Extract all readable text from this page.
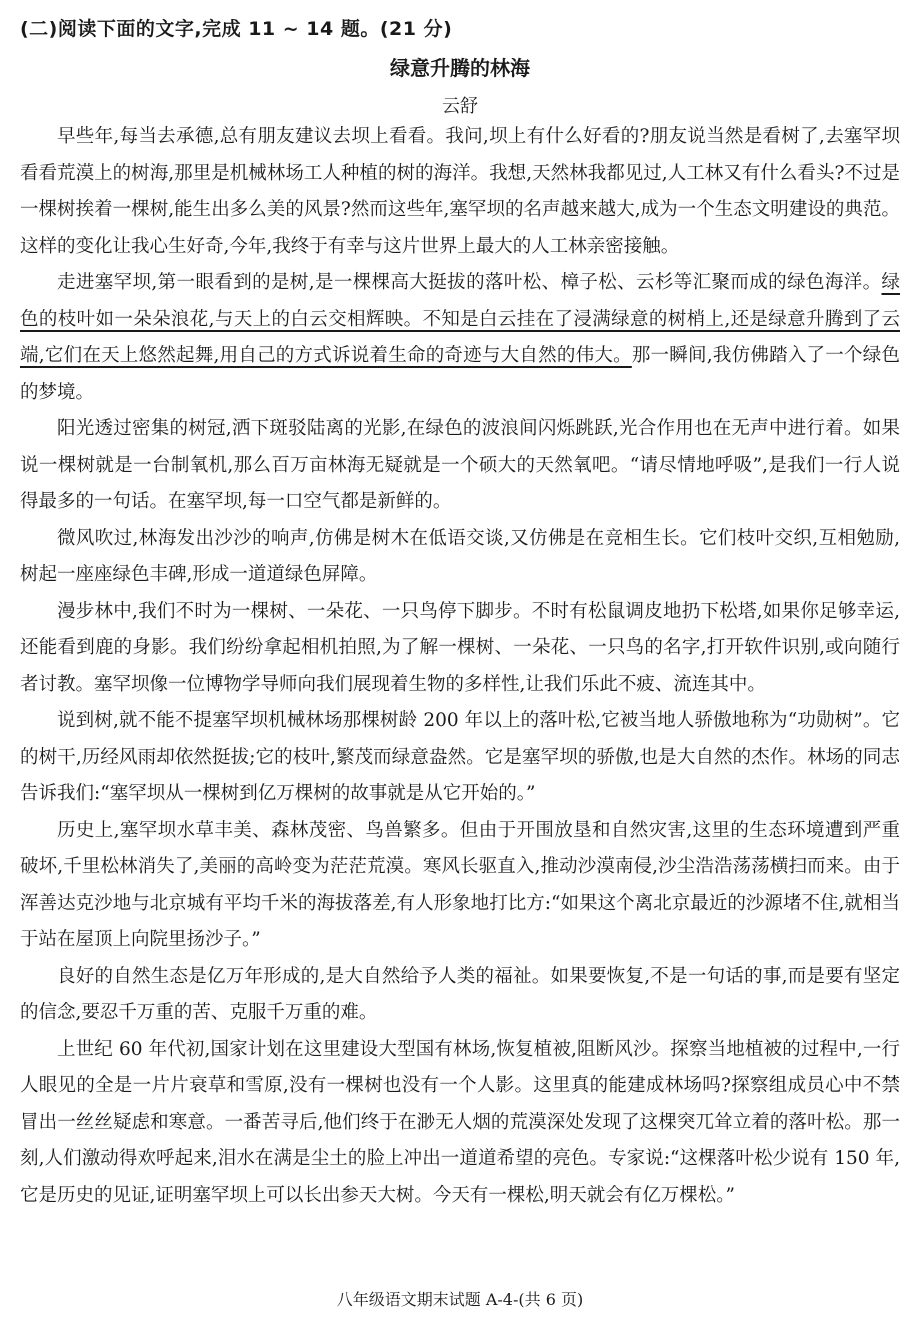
(二)阅读下面的文字,完成 11 ~ 14 题。(21 分)
绿意升腾的林海
云舒

早些年,每当去承德,总有朋友建议去坝上看看。我问,坝上有什么好看的?朋友说当然是看树了,去塞罕坝看看荒漠上的树海,那里是机械林场工人种植的树的海洋。我想,天然林我都见过,人工林又有什么看头?不过是一棵树挨着一棵树,能生出多么美的风景?然而这些年,塞罕坝的名声越来越大,成为一个生态文明建设的典范。这样的变化让我心生好奇,今年,我终于有幸与这片世界上最大的人工林亲密接触。

走进塞罕坝,第一眼看到的是树,是一棵棵高大挺拔的落叶松、樟子松、云杉等汇聚而成的绿色海洋。绿色的枝叶如一朵朵浪花,与天上的白云交相辉映。不知是白云挂在了浸满绿意的树梢上,还是绿意升腾到了云端,它们在天上悠然起舞,用自己的方式诉说着生命的奇迹与大自然的伟大。那一瞬间,我仿佛踏入了一个绿色的梦境。

阳光透过密集的树冠,洒下斑驳陆离的光影,在绿色的波浪间闪烁跳跃,光合作用也在无声中进行着。如果说一棵树就是一台制氧机,那么百万亩林海无疑就是一个硕大的天然氧吧。“请尽情地呼吸”,是我们一行人说得最多的一句话。在塞罕坝,每一口空气都是新鲜的。

微风吹过,林海发出沙沙的响声,仿佛是树木在低语交谈,又仿佛是在竞相生长。它们枝叶交织,互相勉励,树起一座座绿色丰碑,形成一道道绿色屏障。

漫步林中,我们不时为一棵树、一朵花、一只鸟停下脚步。不时有松鼠调皮地扔下松塔,如果你足够幸运,还能看到鹿的身影。我们纷纷拿起相机拍照,为了解一棵树、一朵花、一只鸟的名字,打开软件识别,或向随行者讨教。塞罕坝像一位博物学导师向我们展现着生物的多样性,让我们乐此不疲、流连其中。

说到树,就不能不提塞罕坝机械林场那棵树龄 200 年以上的落叶松,它被当地人骄傲地称为“功勋树”。它的树干,历经风雨却依然挺拔;它的枝叶,繁茂而绿意盎然。它是塞罕坝的骄傲,也是大自然的杰作。林场的同志告诉我们:“塞罕坝从一棵树到亿万棵树的故事就是从它开始的。”

历史上,塞罕坝水草丰美、森林茂密、鸟兽繁多。但由于开围放垦和自然灾害,这里的生态环境遭到严重破坏,千里松林消失了,美丽的高岭变为茫茫荒漠。寒风长驱直入,推动沙漠南侵,沙尘浩浩荡荡横扫而来。由于浑善达克沙地与北京城有平均千米的海拔落差,有人形象地打比方:“如果这个离北京最近的沙源堵不住,就相当于站在屋顶上向院里扬沙子。”

良好的自然生态是亿万年形成的,是大自然给予人类的福祉。如果要恢复,不是一句话的事,而是要有坚定的信念,要忍千万重的苦、克服千万重的难。

上世纪 60 年代初,国家计划在这里建设大型国有林场,恢复植被,阻断风沙。探察当地植被的过程中,一行人眼见的全是一片片衰草和雪原,没有一棵树也没有一个人影。这里真的能建成林场吗?探察组成员心中不禁冒出一丝丝疑虑和寒意。一番苦寻后,他们终于在渺无人烟的荒漠深处发现了这棵突兀耸立着的落叶松。那一刻,人们激动得欢呼起来,泪水在满是尘土的脸上冲出一道道希望的亮色。专家说:“这棵落叶松少说有 150 年,它是历史的见证,证明塞罕坝上可以长出参天大树。今天有一棵松,明天就会有亿万棵松。”

八年级语文期末试题 A-4-(共 6 页)
